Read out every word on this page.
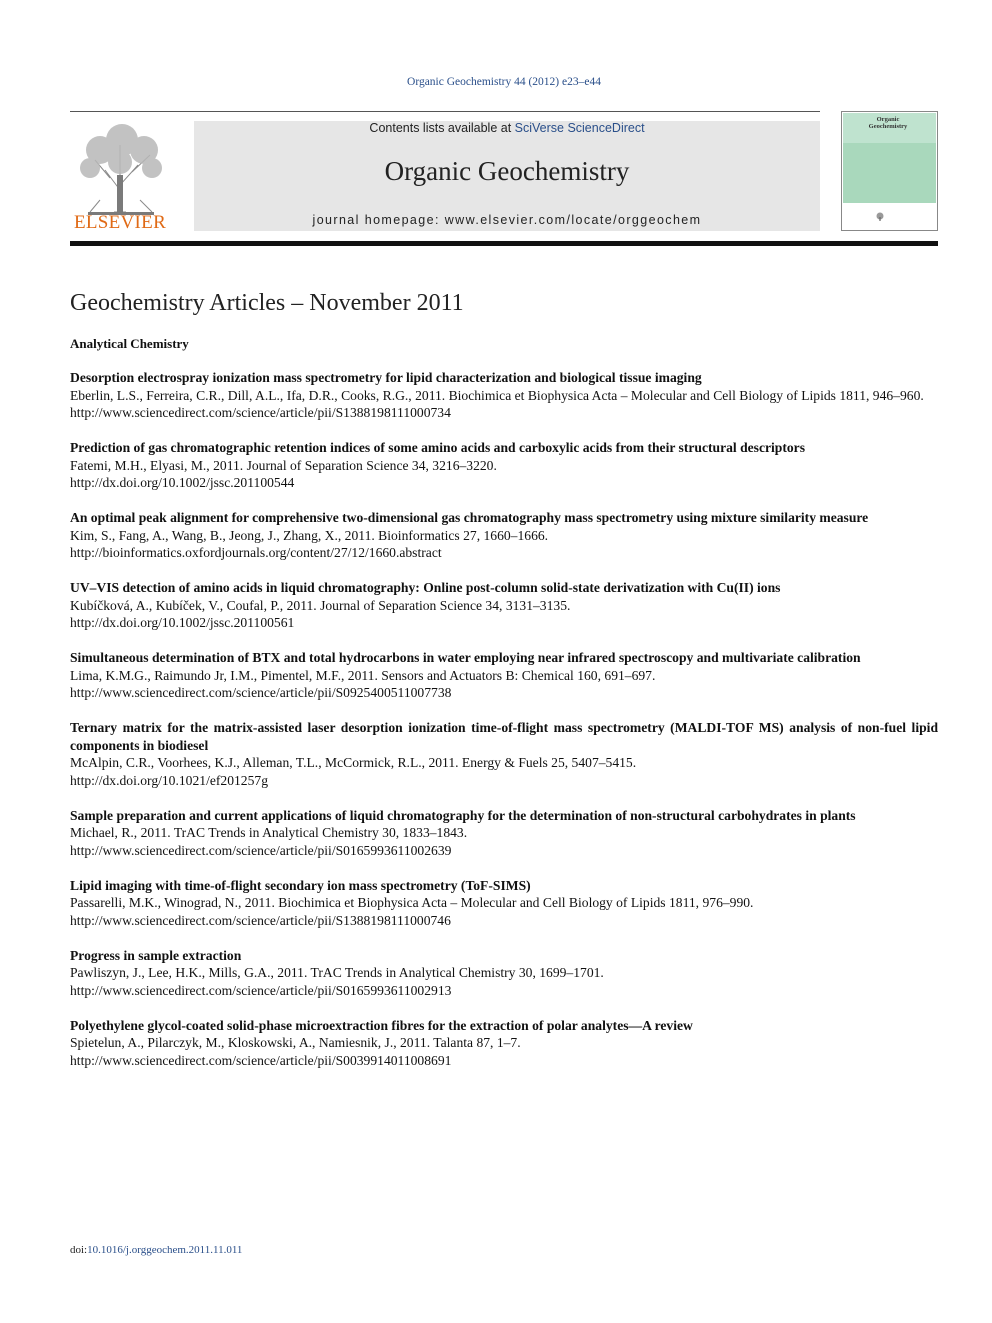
Organic Geochemistry 44 (2012) e23–e44
ELSEVIER
Contents lists available at SciVerse ScienceDirect
Organic Geochemistry
journal homepage: www.elsevier.com/locate/orggeochem
Organic Geochemistry
Geochemistry Articles – November 2011
Analytical Chemistry
Desorption electrospray ionization mass spectrometry for lipid characterization and biological tissue imaging
Eberlin, L.S., Ferreira, C.R., Dill, A.L., Ifa, D.R., Cooks, R.G., 2011. Biochimica et Biophysica Acta – Molecular and Cell Biology of Lipids 1811, 946–960.
http://www.sciencedirect.com/science/article/pii/S1388198111000734
Prediction of gas chromatographic retention indices of some amino acids and carboxylic acids from their structural descriptors
Fatemi, M.H., Elyasi, M., 2011. Journal of Separation Science 34, 3216–3220.
http://dx.doi.org/10.1002/jssc.201100544
An optimal peak alignment for comprehensive two-dimensional gas chromatography mass spectrometry using mixture similarity measure
Kim, S., Fang, A., Wang, B., Jeong, J., Zhang, X., 2011. Bioinformatics 27, 1660–1666.
http://bioinformatics.oxfordjournals.org/content/27/12/1660.abstract
UV–VIS detection of amino acids in liquid chromatography: Online post-column solid-state derivatization with Cu(II) ions
Kubíčková, A., Kubíček, V., Coufal, P., 2011. Journal of Separation Science 34, 3131–3135.
http://dx.doi.org/10.1002/jssc.201100561
Simultaneous determination of BTX and total hydrocarbons in water employing near infrared spectroscopy and multivariate calibration
Lima, K.M.G., Raimundo Jr, I.M., Pimentel, M.F., 2011. Sensors and Actuators B: Chemical 160, 691–697.
http://www.sciencedirect.com/science/article/pii/S0925400511007738
Ternary matrix for the matrix-assisted laser desorption ionization time-of-flight mass spectrometry (MALDI-TOF MS) analysis of non-fuel lipid components in biodiesel
McAlpin, C.R., Voorhees, K.J., Alleman, T.L., McCormick, R.L., 2011. Energy & Fuels 25, 5407–5415.
http://dx.doi.org/10.1021/ef201257g
Sample preparation and current applications of liquid chromatography for the determination of non-structural carbohydrates in plants
Michael, R., 2011. TrAC Trends in Analytical Chemistry 30, 1833–1843.
http://www.sciencedirect.com/science/article/pii/S0165993611002639
Lipid imaging with time-of-flight secondary ion mass spectrometry (ToF-SIMS)
Passarelli, M.K., Winograd, N., 2011. Biochimica et Biophysica Acta – Molecular and Cell Biology of Lipids 1811, 976–990.
http://www.sciencedirect.com/science/article/pii/S1388198111000746
Progress in sample extraction
Pawliszyn, J., Lee, H.K., Mills, G.A., 2011. TrAC Trends in Analytical Chemistry 30, 1699–1701.
http://www.sciencedirect.com/science/article/pii/S0165993611002913
Polyethylene glycol-coated solid-phase microextraction fibres for the extraction of polar analytes—A review
Spietelun, A., Pilarczyk, M., Kloskowski, A., Namiesnik, J., 2011. Talanta 87, 1–7.
http://www.sciencedirect.com/science/article/pii/S0039914011008691
doi:10.1016/j.orggeochem.2011.11.011
